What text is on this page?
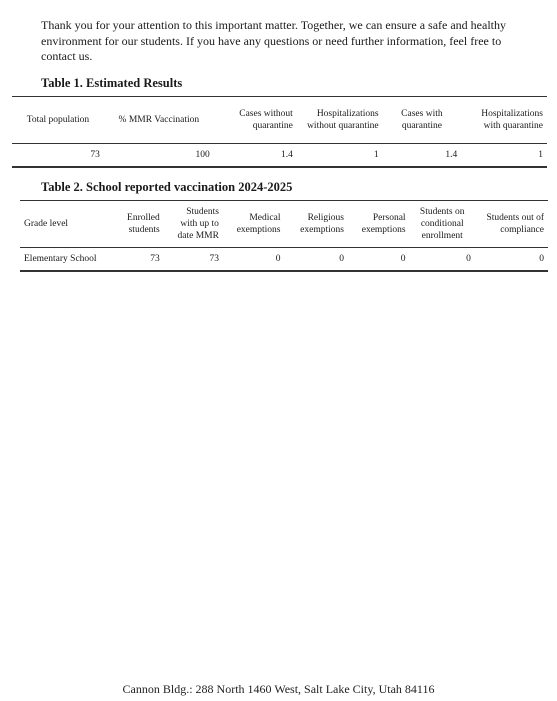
Thank you for your attention to this important matter. Together, we can ensure a safe and healthy environment for our students. If you have any questions or need further information, feel free to contact us.
Table 1. Estimated Results
Total population	% MMR Vaccination	Cases without quarantine	Hospitalizations without quarantine	Cases with quarantine	Hospitalizations with quarantine
73	100	1.4	1	1.4	1
Table 2. School reported vaccination 2024-2025
Grade level	Enrolled students	Students with up to date MMR	Medical exemptions	Religious exemptions	Personal exemptions	Students on conditional enrollment	Students out of compliance
Elementary School	73	73	0	0	0	0	0
Cannon Bldg.: 288 North 1460 West, Salt Lake City, Utah 84116
